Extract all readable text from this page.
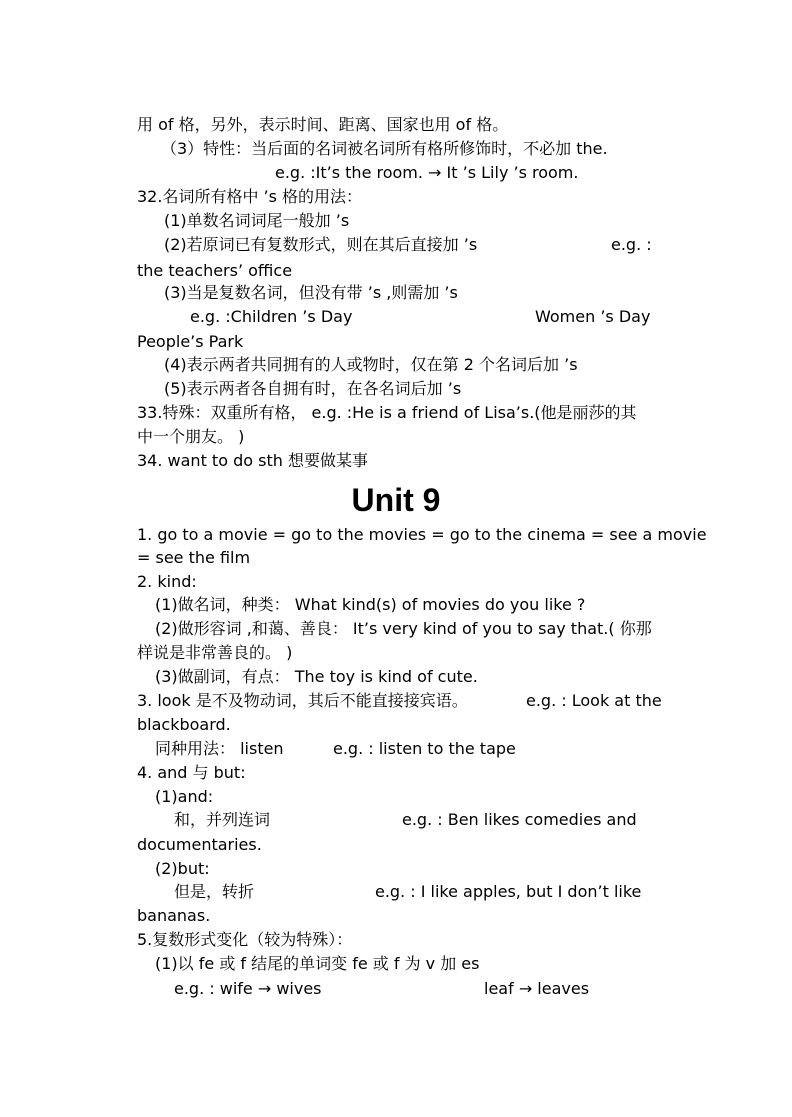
用 of 格，另外，表示时间、距离、国家也用 of 格。
（3）特性：当后面的名词被名词所有格所修饰时，不必加 the.
e.g. :It’s the room. → It ’s Lily ’s room.
32.名词所有格中 ’s 格的用法：
(1)单数名词词尾一般加 ’s
(2)若原词已有复数形式，则在其后直接加 ’s	e.g. :
the teachers’ office
(3)当是复数名词，但没有带 ’s ,则需加 ’s
e.g. :Children ’s Day	Women ’s Day
People’s Park
(4)表示两者共同拥有的人或物时，仅在第 2 个名词后加 ’s
(5)表示两者各自拥有时，在各名词后加 ’s
33.特殊：双重所有格， e.g. :He is a friend of Lisa’s.(他是丽莎的其
中一个朋友。 )
34. want to do sth 想要做某事
Unit 9
1. go to a movie = go to the movies = go to the cinema = see a movie
= see the film
2. kind:
(1)做名词，种类： What kind(s) of movies do you like ?
(2)做形容词 ,和蔼、善良： It’s very kind of you to say that.( 你那
样说是非常善良的。 )
(3)做副词，有点： The toy is kind of cute.
3. look 是不及物动词，其后不能直接接宾语。	e.g. : Look at the
blackboard.
同种用法： listen	e.g. : listen to the tape
4. and 与 but:
(1)and:
和，并列连词	e.g. : Ben likes comedies and
documentaries.
(2)but:
但是，转折	e.g. : I like apples, but I don’t like
bananas.
5.复数形式变化（较为特殊）：
(1)以 fe 或 f 结尾的单词变 fe 或 f 为 v 加 es
e.g. : wife → wives	leaf → leaves
